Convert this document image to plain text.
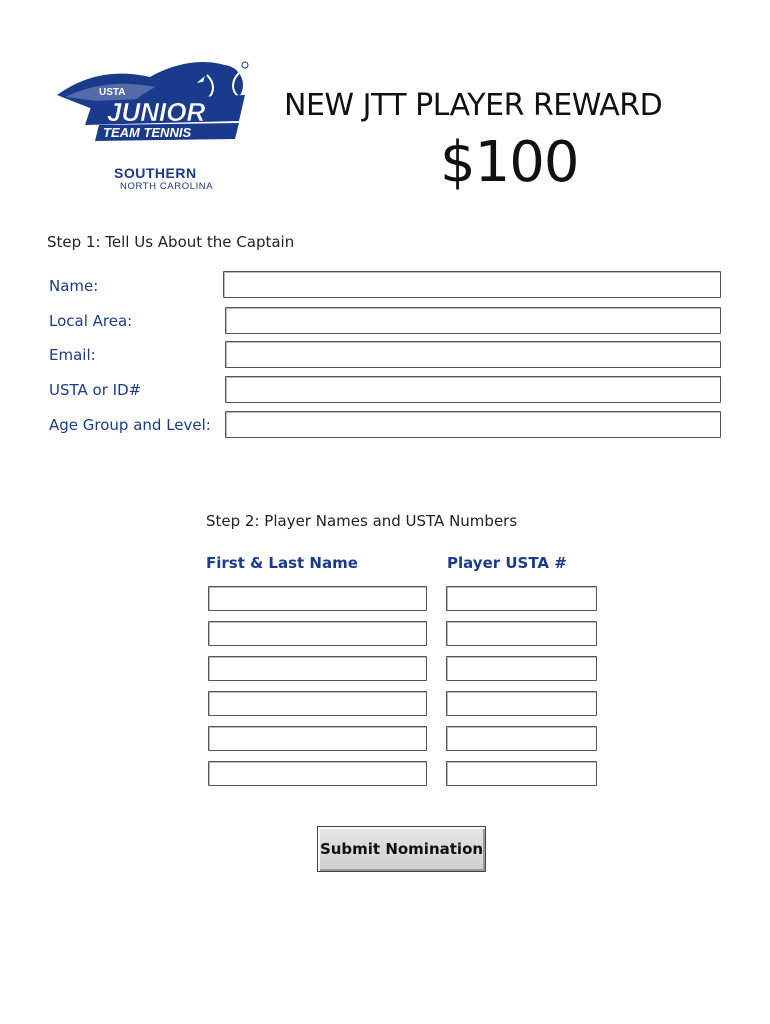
USTA
JUNIOR
TEAM TENNIS
SOUTHERN
NORTH CAROLINA
NEW JTT PLAYER REWARD
$100
Step 1: Tell Us About the Captain
Name:
Local Area:
Email:
USTA or ID#
Age Group and Level:
Step 2: Player Names and USTA Numbers
First & Last Name	Player USTA #
Submit Nomination
